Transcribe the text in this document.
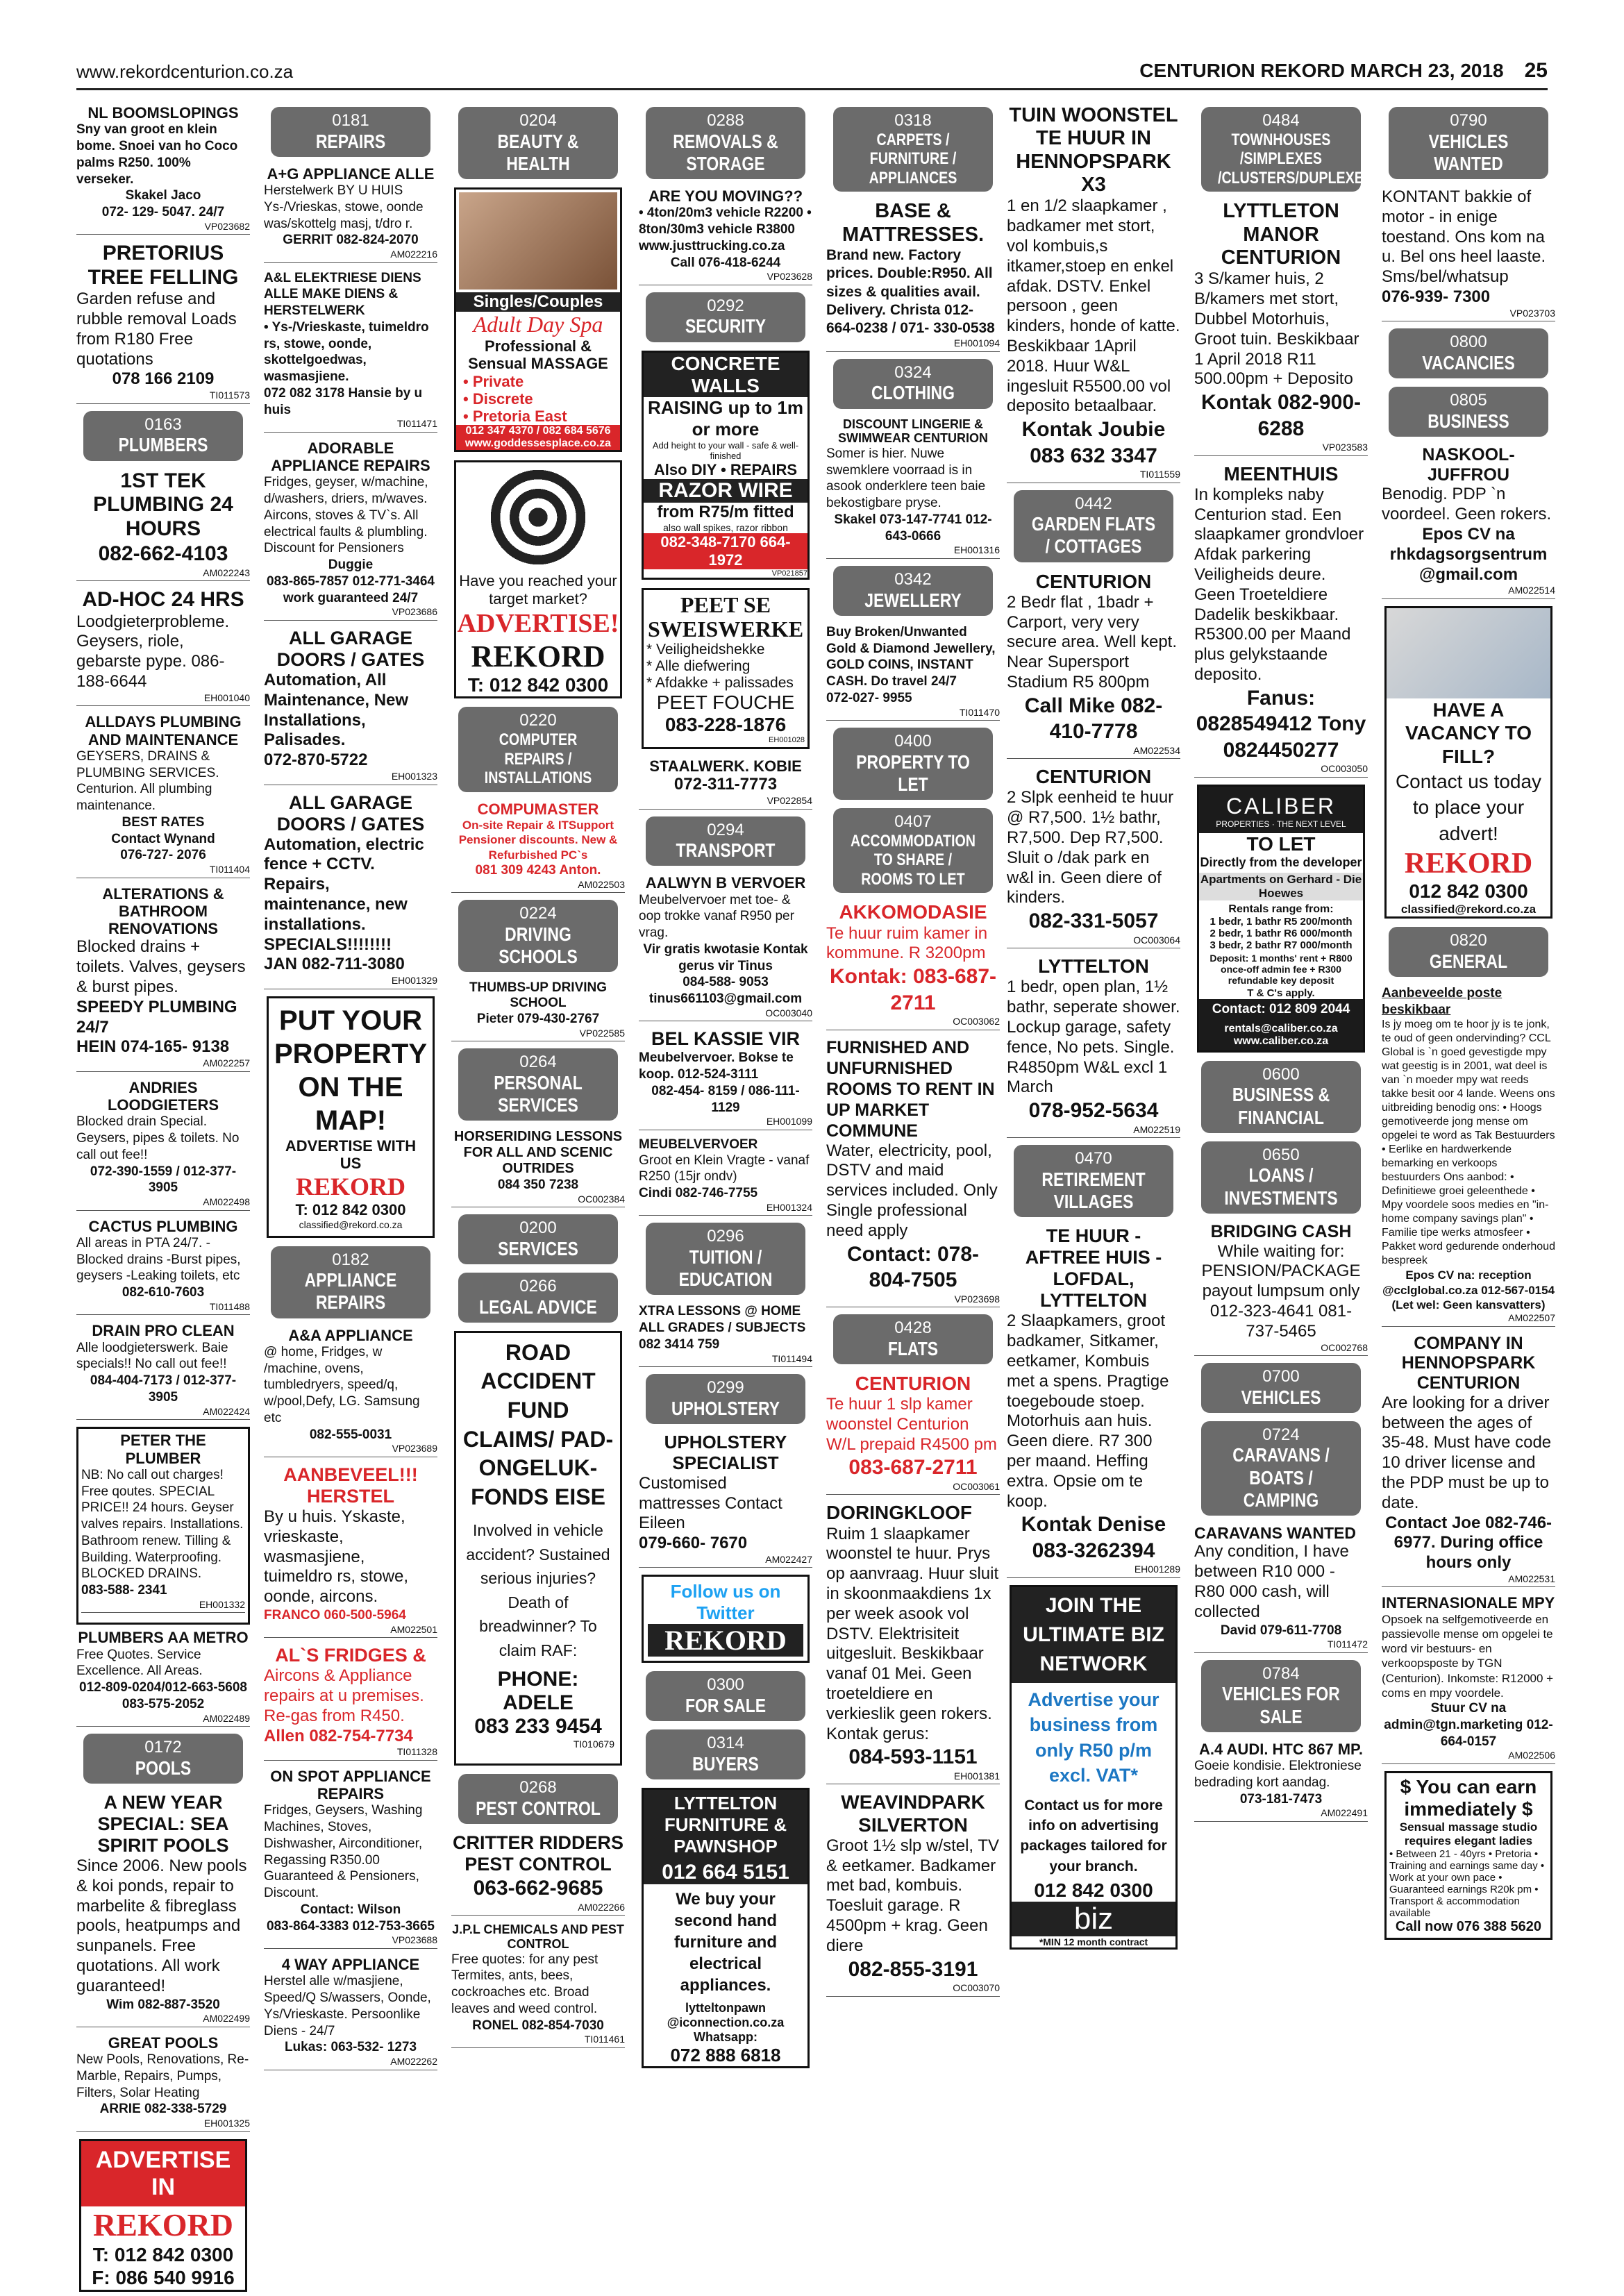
www.rekordcenturion.co.za	CENTURION REKORD MARCH 23, 2018 25
NL BOOMSLOPINGS
Sny van groot en klein bome. Snoei van ho Coco palms R250. 100% verseker.
Skakel Jaco
072- 129- 5047. 24/7
VP023682
PRETORIUS TREE FELLING
Garden refuse and rubble removal Loads from R180 Free quotations
078 166 2109
TI011573
0163
PLUMBERS
1ST TEK PLUMBING 24 HOURS
082-662-4103
AM022243
AD-HOC 24 HRS
Loodgieterprobleme. Geysers, riole, gebarste pype. 086-188-6644
EH001040
ALLDAYS PLUMBING AND MAINTENANCE
GEYSERS, DRAINS & PLUMBING SERVICES. Centurion. All plumbing maintenance.
BEST RATES
Contact Wynand
076-727- 2076
TI011404
ALTERATIONS & BATHROOM RENOVATIONS
Blocked drains + toilets. Valves, geysers & burst pipes.
SPEEDY PLUMBING 24/7
HEIN 074-165- 9138
AM022257
ANDRIES LOODGIETERS
Blocked drain Special. Geysers, pipes & toilets. No call out fee!!
072-390-1559 / 012-377-3905
AM022498
CACTUS PLUMBING
All areas in PTA 24/7. -Blocked drains -Burst pipes, geysers -Leaking toilets, etc
082-610-7603
TI011488
DRAIN PRO CLEAN
Alle loodgieterswerk. Baie specials!! No call out fee!!
084-404-7173 / 012-377-3905
AM022424
PETER THE PLUMBER
NB: No call out charges! Free qoutes. SPECIAL PRICE!! 24 hours. Geyser valves repairs. Installations. Bathroom renew. Tilling & Building. Waterproofing. BLOCKED DRAINS.
083-588- 2341
EH001332
PLUMBERS AA METRO
Free Quotes. Service Excellence. All Areas.
012-809-0204/012-663-5608 083-575-2052
AM022489
0172
POOLS
A NEW YEAR SPECIAL: SEA SPIRIT POOLS
Since 2006. New pools & koi ponds, repair to marbelite & fibreglass pools, heatpumps and sunpanels. Free quotations. All work guaranteed!
Wim 082-887-3520
AM022499
GREAT POOLS
New Pools, Renovations, Re-Marble, Repairs, Pumps, Filters, Solar Heating
ARRIE 082-338-5729
EH001325
ADVERTISE IN
REKORD
T: 012 842 0300
F: 086 540 9916
0181
REPAIRS
A+G APPLIANCE ALLE
Herstelwerk BY U HUIS Ys-/Vrieskas, stowe, oonde was/skottelg masj, t/dro r.
GERRIT 082-824-2070
AM022216
A&L ELEKTRIESE DIENS ALLE MAKE DIENS & HERSTELWERK
• Ys-/Vrieskaste, tuimeldro rs, stowe, oonde, skottelgoedwas, wasmasjiene.
072 082 3178 Hansie by u huis
TI011471
ADORABLE APPLIANCE REPAIRS
Fridges, geyser, w/machine, d/washers, driers, m/waves. Aircons, stoves & TV`s. All electrical faults & plumbling. Discount for Pensioners
Duggie
083-865-7857 012-771-3464 work guaranteed 24/7
VP023686
ALL GARAGE DOORS / GATES
Automation, All Maintenance, New Installations, Palisades.
072-870-5722
EH001323
ALL GARAGE DOORS / GATES
Automation, electric fence + CCTV. Repairs, maintenance, new installations. SPECIALS!!!!!!!!
JAN 082-711-3080
EH001329
PUT YOUR PROPERTY ON THE MAP!
ADVERTISE WITH US
REKORD
T: 012 842 0300
classified@rekord.co.za
0182
APPLIANCE REPAIRS
A&A APPLIANCE
@ home, Fridges, w /machine, ovens, tumbledryers, speed/q, w/pool,Defy, LG. Samsung etc
082-555-0031
VP023689
AANBEVEEL!!! HERSTEL
By u huis. Yskaste, vrieskaste, wasmasjiene, tuimeldro rs, stowe, oonde, aircons.
FRANCO 060-500-5964
AM022501
AL`S FRIDGES &
Aircons & Appliance repairs at u premises. Re-gas from R450.
Allen 082-754-7734
TI011328
ON SPOT APPLIANCE REPAIRS
Fridges, Geysers, Washing Machines, Stoves, Dishwasher, Airconditioner, Regassing R350.00 Guaranteed & Pensioners, Discount.
Contact: Wilson
083-864-3383 012-753-3665
VP023688
4 WAY APPLIANCE
Herstel alle w/masjiene, Speed/Q S/wassers, Oonde, Ys/Vrieskaste. Persoonlike Diens - 24/7
Lukas: 063-532- 1273
AM022262
0204
BEAUTY & HEALTH
Singles/Couples
Adult Day Spa
Professional & Sensual MASSAGE
• Private
• Discrete
• Pretoria East
012 347 4370 / 082 684 5676
www.goddessesplace.co.za
Have you reached your target market?
ADVERTISE!
REKORD
T: 012 842 0300
0220
COMPUTER REPAIRS / INSTALLATIONS
COMPUMASTER
On-site Repair & ITSupport Pensioner discounts. New & Refurbished PC`s
081 309 4243 Anton.
AM022503
0224
DRIVING SCHOOLS
THUMBS-UP DRIVING SCHOOL
Pieter 079-430-2767
VP022585
0264
PERSONAL SERVICES
HORSERIDING LESSONS FOR ALL AND SCENIC OUTRIDES
084 350 7238
OC002384
0200
SERVICES
0266
LEGAL ADVICE
ROAD ACCIDENT FUND CLAIMS/ PAD-ONGELUK-FONDS EISE
Involved in vehicle accident? Sustained serious injuries? Death of breadwinner? To claim RAF:
PHONE: ADELE
083 233 9454
TI010679
0268
PEST CONTROL
CRITTER RIDDERS PEST CONTROL
063-662-9685
AM022266
J.P.L CHEMICALS AND PEST CONTROL
Free quotes: for any pest Termites, ants, bees, cockroaches etc. Broad leaves and weed control.
RONEL 082-854-7030
TI011461
0288
REMOVALS & STORAGE
ARE YOU MOVING??
• 4ton/20m3 vehicle R2200 • 8ton/30m3 vehicle R3800 www.justtrucking.co.za
Call 076-418-6244
VP023628
0292
SECURITY
CONCRETE WALLS
RAISING up to 1m or more
Add height to your wall - safe & well-finished
Also DIY • REPAIRS
RAZOR WIRE
from R75/m fitted
also wall spikes, razor ribbon
082-348-7170 664-1972
VP021857
PEET SE SWEISWERKE
* Veiligheidshekke
* Alle diefwering
* Afdakke + palissades
PEET FOUCHE
083-228-1876
EH001028
STAALWERK. KOBIE
072-311-7773
VP022854
0294
TRANSPORT
AALWYN B VERVOER
Meubelvervoer met toe- & oop trokke vanaf R950 per vrag.
Vir gratis kwotasie Kontak gerus vir Tinus
084-588- 9053 tinus661103@gmail.com
OC003040
BEL KASSIE VIR
Meubelvervoer. Bokse te koop. 012-524-3111
082-454- 8159 / 086-111-1129
EH001099
MEUBELVERVOER
Groot en Klein Vragte - vanaf R250 (15jr ondv)
Cindi 082-746-7755
EH001324
0296
TUITION / EDUCATION
XTRA LESSONS @ HOME ALL GRADES / SUBJECTS
082 3414 759
TI011494
0299
UPHOLSTERY
UPHOLSTERY SPECIALIST
Customised mattresses Contact Eileen
079-660- 7670
AM022427
Follow us on Twitter
REKORD
0300
FOR SALE
0314
BUYERS
LYTTELTON FURNITURE & PAWNSHOP
012 664 5151
We buy your second hand furniture and electrical appliances.
lytteltonpawn @iconnection.co.za
Whatsapp:
072 888 6818
0318
CARPETS / FURNITURE / APPLIANCES
BASE & MATTRESSES.
Brand new. Factory prices. Double:R950. All sizes & qualities avail. Delivery. Christa 012-664-0238 / 071- 330-0538
EH001094
0324
CLOTHING
DISCOUNT LINGERIE & SWIMWEAR CENTURION
Somer is hier. Nuwe swemklere voorraad is in asook onderklere teen baie bekostigbare pryse.
Skakel 073-147-7741 012-643-0666
EH001316
0342
JEWELLERY
Buy Broken/Unwanted Gold & Diamond Jewellery, GOLD COINS, INSTANT CASH. Do travel 24/7
072-027- 9955
TI011470
0400
PROPERTY TO LET
0407
ACCOMMODATION TO SHARE / ROOMS TO LET
AKKOMODASIE
Te huur ruim kamer in kommune. R 3200pm
Kontak: 083-687-2711
OC003062
FURNISHED AND UNFURNISHED ROOMS TO RENT IN UP MARKET COMMUNE
Water, electricity, pool, DSTV and maid services included. Only Single professional need apply
Contact: 078-804-7505
VP023698
0428
FLATS
CENTURION
Te huur 1 slp kamer woonstel Centurion W/L prepaid R4500 pm
083-687-2711
OC003061
DORINGKLOOF
Ruim 1 slaapkamer woonstel te huur. Prys op aanvraag. Huur sluit in skoonmaakdiens 1x per week asook vol DSTV. Elektrisiteit uitgesluit. Beskikbaar vanaf 01 Mei. Geen troeteldiere en verkieslik geen rokers. Kontak gerus:
084-593-1151
EH001381
WEAVINDPARK SILVERTON
Groot 1½ slp w/stel, TV & eetkamer. Badkamer met bad, kombuis. Toesluit garage. R 4500pm + krag. Geen diere
082-855-3191
OC003070
TUIN WOONSTEL TE HUUR IN HENNOPSPARK X3
1 en 1/2 slaapkamer , badkamer met stort, vol kombuis,s itkamer,stoep en enkel afdak. DSTV. Enkel persoon , geen kinders, honde of katte. Beskikbaar 1April 2018. Huur W&L ingesluit R5500.00 vol deposito betaalbaar.
Kontak Joubie 083 632 3347
TI011559
0442
GARDEN FLATS / COTTAGES
CENTURION
2 Bedr flat , 1badr + Carport, very very secure area. Well kept. Near Supersport Stadium R5 800pm
Call Mike 082-410-7778
AM022534
CENTURION
2 Slpk eenheid te huur @ R7,500. 1½ bathr, R7,500. Dep R7,500. Sluit o /dak park en w&l in. Geen diere of kinders.
082-331-5057
OC003064
LYTTELTON
1 bedr, open plan, 1½ bathr, seperate shower. Lockup garage, safety fence, No pets. Single. R4850pm W&L excl 1 March
078-952-5634
AM022519
0470
RETIREMENT VILLAGES
TE HUUR - AFTREE HUIS - LOFDAL, LYTTELTON
2 Slaapkamers, groot badkamer, Sitkamer, eetkamer, Kombuis met a spens. Pragtige toegeboude stoep. Motorhuis aan huis. Geen diere. R7 300 per maand. Heffing extra. Opsie om te koop.
Kontak Denise 083-3262394
EH001289
JOIN THE ULTIMATE BIZ NETWORK
Advertise your business from only R50 p/m excl. VAT*
Contact us for more info on advertising packages tailored for your branch.
012 842 0300
biz
*MIN 12 month contract
0484
TOWNHOUSES /SIMPLEXES /CLUSTERS/DUPLEXES
LYTTLETON MANOR CENTURION
3 S/kamer huis, 2 B/kamers met stort, Dubbel Motorhuis, Groot tuin. Beskikbaar 1 April 2018 R11 500.00pm + Deposito
Kontak 082-900-6288
VP023583
MEENTHUIS
In kompleks naby Centurion stad. Een slaapkamer grondvloer Afdak parkering Veiligheids deure. Geen Troeteldiere Dadelik beskikbaar. R5300.00 per Maand plus gelykstaande deposito.
Fanus: 0828549412 Tony 0824450277
OC003050
CALIBER
PROPERTIES · THE NEXT LEVEL
TO LET
Directly from the developer
Apartments on Gerhard - Die Hoewes
Rentals range from:
1 bedr, 1 bathr R5 200/month
2 bedr, 1 bathr R6 000/month
3 bedr, 2 bathr R7 000/month
Deposit: 1 months' rent + R800 once-off admin fee + R300 refundable key deposit
T & C's apply.
Contact: 012 809 2044
rentals@caliber.co.za www.caliber.co.za
0600
BUSINESS & FINANCIAL
0650
LOANS / INVESTMENTS
BRIDGING CASH
While waiting for: PENSION/PACKAGE payout lumpsum only
012-323-4641 081-737-5465
OC002768
0700
VEHICLES
0724
CARAVANS / BOATS / CAMPING
CARAVANS WANTED
Any condition, I have between R10 000 - R80 000 cash, will collected
David 079-611-7708
TI011472
0784
VEHICLES FOR SALE
A.4 AUDI. HTC 867 MP.
Goeie kondisie. Elektroniese bedrading kort aandag.
073-181-7473
AM022491
0790
VEHICLES WANTED
KONTANT bakkie of motor - in enige toestand. Ons kom na u. Bel ons heel laaste. Sms/bel/whatsup
076-939- 7300
VP023703
0800
VACANCIES
0805
BUSINESS
NASKOOL-JUFFROU
Benodig. PDP `n voordeel. Geen rokers.
Epos CV na rhkdagsorgsentrum @gmail.com
AM022514
HAVE A VACANCY TO FILL?
Contact us today to place your advert!
REKORD
012 842 0300
classified@rekord.co.za
0820
GENERAL
Aanbeveelde poste beskikbaar
Is jy moeg om te hoor jy is te jonk, te oud of geen ondervinding? CCL Global is `n goed gevestigde mpy wat geestig is in 2001, wat deel is van `n moeder mpy wat reeds takke besit oor 4 lande. Weens ons uitbreiding benodig ons: • Hoogs gemotiveerde jong mense om opgelei te word as Tak Bestuurders • Eerlike en hardwerkende bemarking en verkoops bestuurders Ons aanbod: • Definitiewe groei geleenthede • Mpy voordele soos medies en "in- home company savings plan" • Familie tipe werks atmosfeer • Pakket word gedurende onderhoud bespreek
Epos CV na: reception @cclglobal.co.za 012-567-0154 (Let wel: Geen kansvatters)
AM022507
COMPANY IN HENNOPSPARK CENTURION
Are looking for a driver between the ages of 35-48. Must have code 10 driver license and the PDP must be up to date.
Contact Joe 082-746-6977. During office hours only
AM022531
INTERNASIONALE MPY
Opsoek na selfgemotiveerde en passievolle mense om opgelei te word vir bestuurs- en verkoopsposte by TGN (Centurion). Inkomste: R12000 + coms en mpy voordele.
Stuur CV na admin@tgn.marketing 012-664-0157
AM022506
$ You can earn immediately $
Sensual massage studio requires elegant ladies
• Between 21 - 40yrs • Pretoria • Training and earnings same day • Work at your own pace • Guaranteed earnings R20k pm • Transport & accommodation available
Call now 076 388 5620
